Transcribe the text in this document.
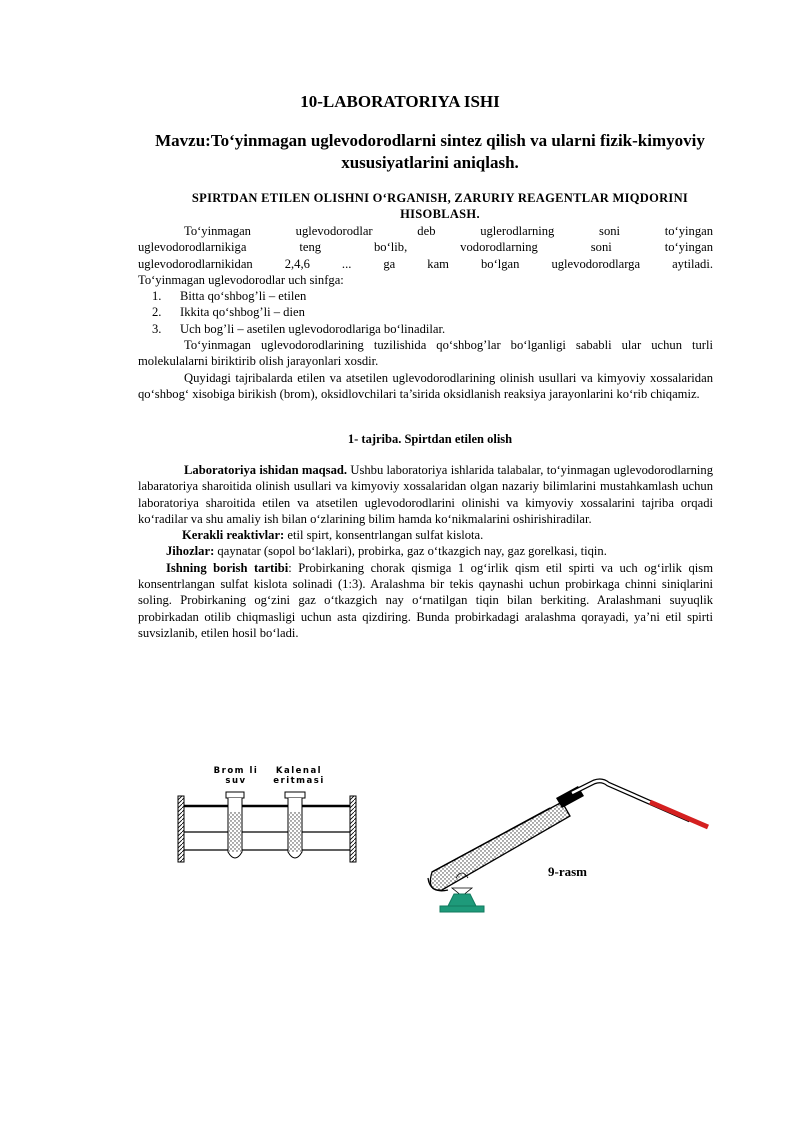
10-LABORATORIYA ISHI
Mavzu:To‘yinmagan uglevodorodlarni sintez qilish va ularni fizik-kimyoviy xususiyatlarini aniqlash.
SPIRTDAN ETILEN OLISHNI O‘RGANISH, ZARURIY REAGENTLAR MIQDORINI HISOBLASH.

To‘yinmagan uglevodorodlar deb uglerodlarning soni to‘yingan

uglevodorodlarnikiga teng bo‘lib, vodorodlarning soni to‘yingan

uglevodorodlarnikidan 2,4,6 ... ga kam bo‘lgan uglevodorodlarga aytiladi.

To‘yinmagan uglevodorodlar uch sinfga:

1. Bitta qo‘shbog’li – etilen
2. Ikkita qo‘shbog’li – dien
3. Uch bog’li – asetilen uglevodorodlariga bo‘linadilar.

To‘yinmagan uglevodorodlarining tuzilishida qo‘shbog’lar bo‘lganligi sababli ular uchun turli molekulalarni biriktirib olish jarayonlari xosdir.

Quyidagi tajribalarda etilen va atsetilen uglevodorodlarining olinish usullari va kimyoviy xossalaridan qo‘shbog‘ xisobiga birikish (brom), oksidlovchilari ta’sirida oksidlanish reaksiya jarayonlarini ko‘rib chiqamiz.

1- tajriba. Spirtdan etilen olish

Laboratoriya ishidan maqsad. Ushbu laboratoriya ishlarida talabalar, to‘yinmagan uglevodorodlarning labaratoriya sharoitida olinish usullari va kimyoviy xossalaridan olgan nazariy bilimlarini mustahkamlash uchun laboratoriya sharoitida etilen va atsetilen uglevodorodlarini olinishi va kimyoviy xossalarini tajriba orqadi ko‘radilar va shu amaliy ish bilan o‘zlarining bilim hamda ko‘nikmalarini oshirishiradilar.

Kerakli reaktivlar: etil spirt, konsentrlangan sulfat kislota.

Jihozlar: qaynatar (sopol bo‘laklari), probirka, gaz o‘tkazgich nay, gaz gorelkasi, tiqin.

Ishning borish tartibi: Probirkaning chorak qismiga 1 og‘irlik qism etil spirti va uch og‘irlik qism konsentrlangan sulfat kislota solinadi (1:3). Aralashma bir tekis qaynashi uchun probirkaga chinni siniqlarini soling. Probirkaning og‘zini gaz o‘tkazgich nay o‘rnatilgan tiqin bilan berkiting. Aralashmani suyuqlik probirkadan otilib chiqmasligi uchun asta qizdiring. Bunda probirkadagi aralashma qorayadi, ya’ni etil spirti suvsizlanib, etilen hosil bo‘ladi.

Brom li
suv
Kalenal
eritmasi
9-rasm
